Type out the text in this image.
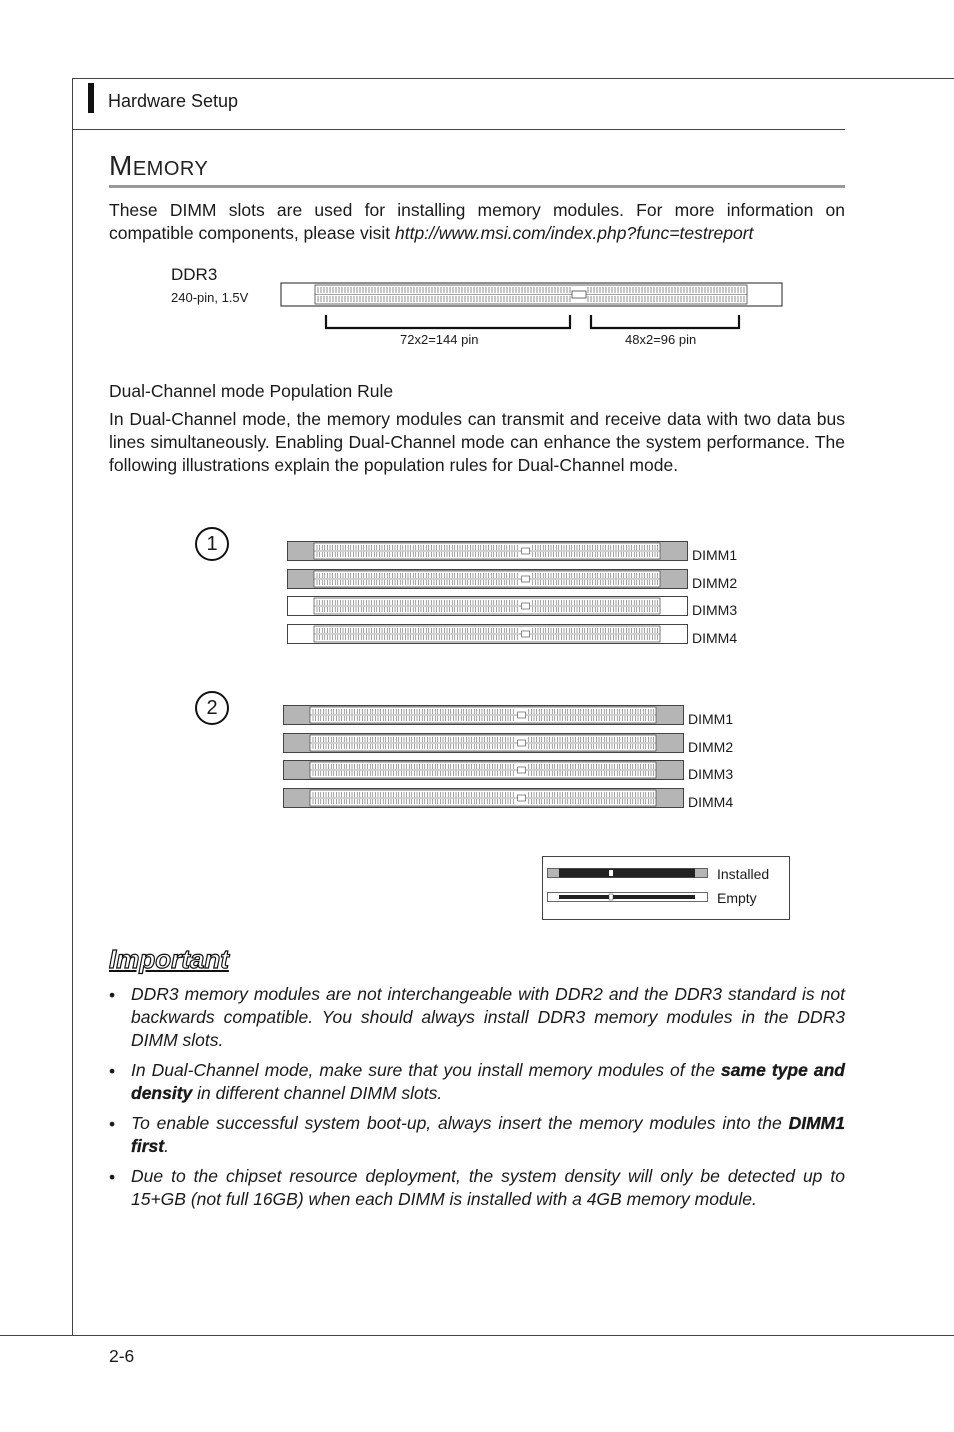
Hardware Setup
Memory
These DIMM slots are used for installing memory modules. For more information on compatible components, please visit http://www.msi.com/index.php?func=testreport
DDR3
240-pin, 1.5V
72x2=144 pin	48x2=96 pin
Dual-Channel mode Population Rule
In Dual-Channel mode, the memory modules can transmit and receive data with two data bus lines simultaneously. Enabling Dual-Channel mode can enhance the system performance. The following illustrations explain the population rules for Dual-Channel mode.
1	DIMM1
DIMM2
DIMM3
DIMM4
2	DIMM1
DIMM2
DIMM3
DIMM4
Installed
Empty
Important
• DDR3 memory modules are not interchangeable with DDR2 and the DDR3 standard is not backwards compatible. You should always install DDR3 memory modules in the DDR3 DIMM slots.
• In Dual-Channel mode, make sure that you install memory modules of the same type and density in different channel DIMM slots.
• To enable successful system boot-up, always insert the memory modules into the DIMM1 first.
• Due to the chipset resource deployment, the system density will only be detected up to 15+GB (not full 16GB) when each DIMM is installed with a 4GB memory module.
2-6
